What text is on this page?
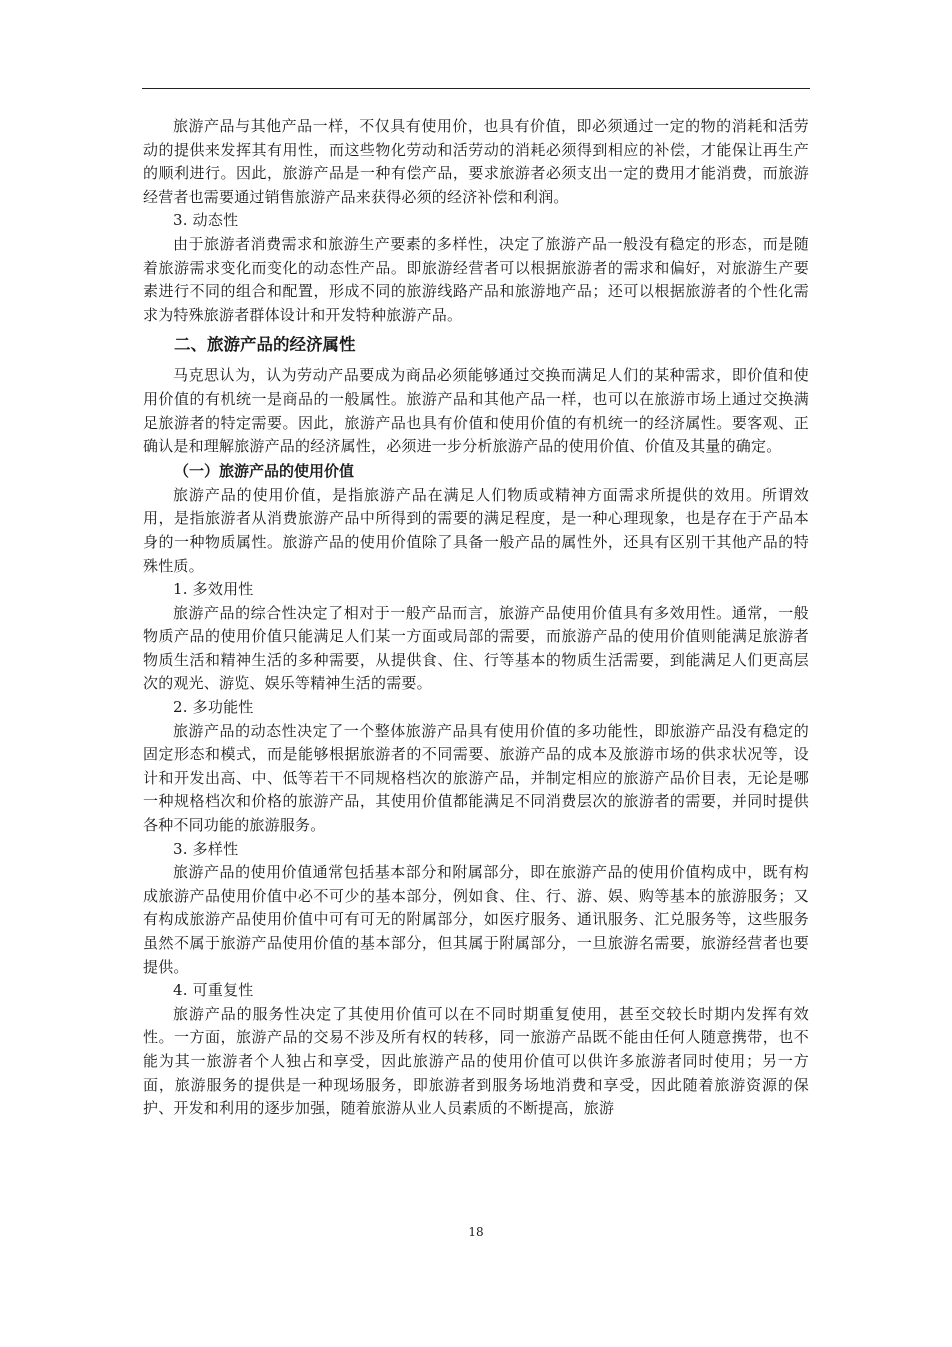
旅游产品与其他产品一样，不仅具有使用价，也具有价值，即必须通过一定的物的消耗和活劳动的提供来发挥其有用性，而这些物化劳动和活劳动的消耗必须得到相应的补偿，才能保让再生产的顺利进行。因此，旅游产品是一种有偿产品，要求旅游者必须支出一定的费用才能消费，而旅游经营者也需要通过销售旅游产品来获得必须的经济补偿和利润。

3. 动态性

由于旅游者消费需求和旅游生产要素的多样性，决定了旅游产品一般没有稳定的形态，而是随着旅游需求变化而变化的动态性产品。即旅游经营者可以根据旅游者的需求和偏好，对旅游生产要素进行不同的组合和配置，形成不同的旅游线路产品和旅游地产品；还可以根据旅游者的个性化需求为特殊旅游者群体设计和开发特种旅游产品。

二、旅游产品的经济属性

马克思认为，认为劳动产品要成为商品必须能够通过交换而满足人们的某种需求，即价值和使用价值的有机统一是商品的一般属性。旅游产品和其他产品一样，也可以在旅游市场上通过交换满足旅游者的特定需要。因此，旅游产品也具有价值和使用价值的有机统一的经济属性。要客观、正确认是和理解旅游产品的经济属性，必须进一步分析旅游产品的使用价值、价值及其量的确定。

（一）旅游产品的使用价值

旅游产品的使用价值，是指旅游产品在满足人们物质或精神方面需求所提供的效用。所谓效用，是指旅游者从消费旅游产品中所得到的需要的满足程度，是一种心理现象，也是存在于产品本身的一种物质属性。旅游产品的使用价值除了具备一般产品的属性外，还具有区别干其他产品的特殊性质。

1. 多效用性

旅游产品的综合性决定了相对于一般产品而言，旅游产品使用价值具有多效用性。通常，一般物质产品的使用价值只能满足人们某一方面或局部的需要，而旅游产品的使用价值则能满足旅游者物质生活和精神生活的多种需要，从提供食、住、行等基本的物质生活需要，到能满足人们更高层次的观光、游览、娱乐等精神生活的需要。

2. 多功能性

旅游产品的动态性决定了一个整体旅游产品具有使用价值的多功能性，即旅游产品没有稳定的固定形态和模式，而是能够根据旅游者的不同需要、旅游产品的成本及旅游市场的供求状况等，设计和开发出高、中、低等若干不同规格档次的旅游产品，并制定相应的旅游产品价目表，无论是哪一种规格档次和价格的旅游产品，其使用价值都能满足不同消费层次的旅游者的需要，并同时提供各种不同功能的旅游服务。

3. 多样性

旅游产品的使用价值通常包括基本部分和附属部分，即在旅游产品的使用价值构成中，既有构成旅游产品使用价值中必不可少的基本部分，例如食、住、行、游、娱、购等基本的旅游服务；又有构成旅游产品使用价值中可有可无的附属部分，如医疗服务、通讯服务、汇兑服务等，这些服务虽然不属于旅游产品使用价值的基本部分，但其属于附属部分，一旦旅游名需要，旅游经营者也要提供。

4. 可重复性

旅游产品的服务性决定了其使用价值可以在不同时期重复使用，甚至交较长时期内发挥有效性。一方面，旅游产品的交易不涉及所有权的转移，同一旅游产品既不能由任何人随意携带，也不能为其一旅游者个人独占和享受，因此旅游产品的使用价值可以供许多旅游者同时使用；另一方面，旅游服务的提供是一种现场服务，即旅游者到服务场地消费和享受，因此随着旅游资源的保护、开发和利用的逐步加强，随着旅游从业人员素质的不断提高，旅游

18
